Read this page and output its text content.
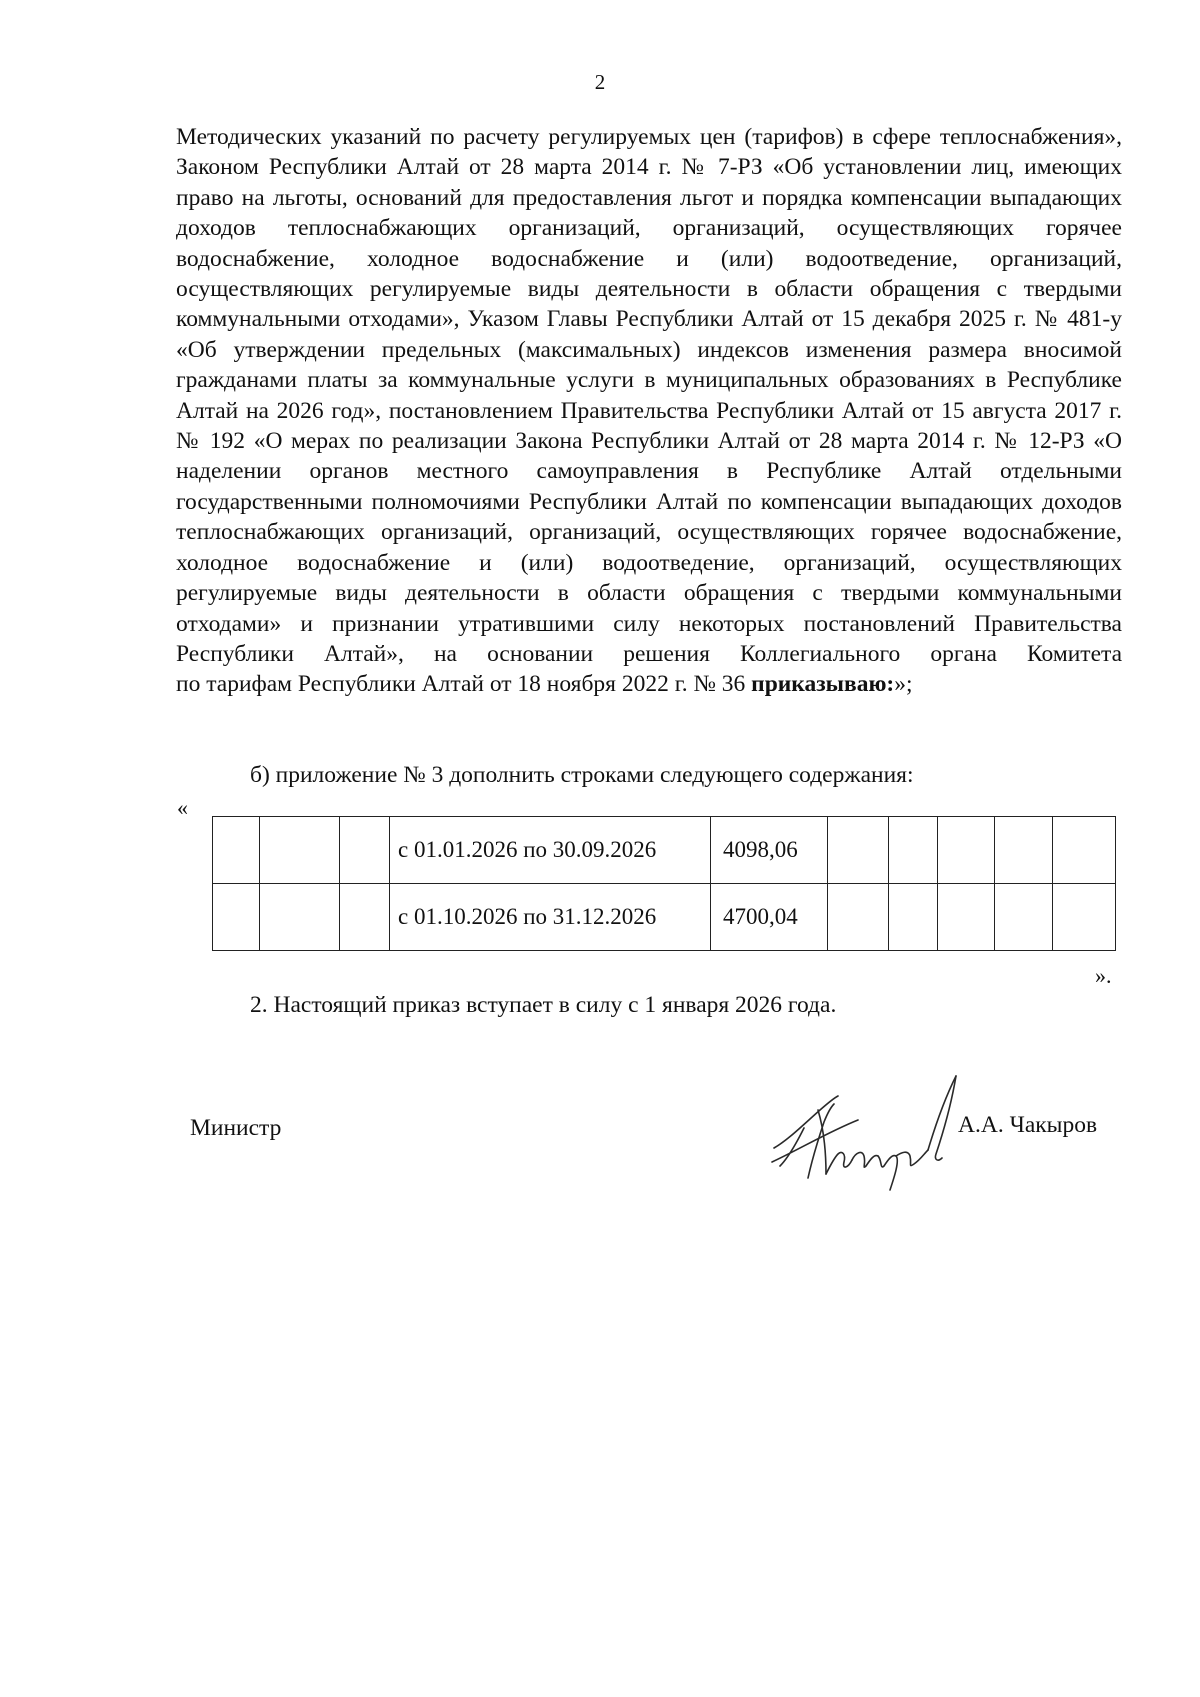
2
Методических указаний по расчету регулируемых цен (тарифов) в сфере теплоснабжения», Законом Республики Алтай от 28 марта 2014 г. № 7-РЗ «Об установлении лиц, имеющих право на льготы, оснований для предоставления льгот и порядка компенсации выпадающих доходов теплоснабжающих организаций, организаций, осуществляющих горячее водоснабжение, холодное водоснабжение и (или) водоотведение, организаций, осуществляющих регулируемые виды деятельности в области обращения с твердыми коммунальными отходами», Указом Главы Республики Алтай от 15 декабря 2025 г. № 481-у «Об утверждении предельных (максимальных) индексов изменения размера вносимой гражданами платы за коммунальные услуги в муниципальных образованиях в Республике Алтай на 2026 год», постановлением Правительства Республики Алтай от 15 августа 2017 г. № 192 «О мерах по реализации Закона Республики Алтай от 28 марта 2014 г. № 12-РЗ «О наделении органов местного самоуправления в Республике Алтай отдельными государственными полномочиями Республики Алтай по компенсации выпадающих доходов теплоснабжающих организаций, организаций, осуществляющих горячее водоснабжение, холодное водоснабжение и (или) водоотведение, организаций, осуществляющих регулируемые виды деятельности в области обращения с твердыми коммунальными отходами» и признании утратившими силу некоторых постановлений Правительства Республики Алтай», на основании решения Коллегиального органа Комитета
по тарифам Республики Алтай от 18 ноября 2022 г. № 36 приказываю:»;
б) приложение № 3 дополнить строками следующего содержания:
«
			с 01.01.2026 по 30.09.2026	4098,06					
			с 01.10.2026 по 31.12.2026	4700,04					
».
2. Настоящий приказ вступает в силу с 1 января 2026 года.
Министр	А.А. Чакыров
